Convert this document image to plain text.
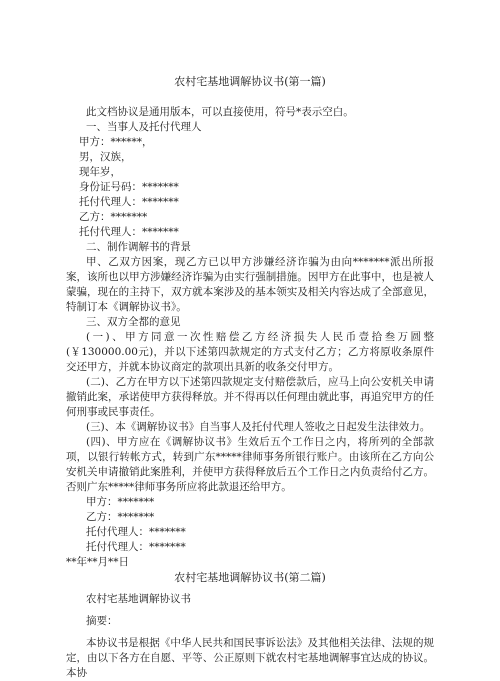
农村宅基地调解协议书(第一篇)

此文档协议是通用版本，可以直接使用，符号*表示空白。

一、当事人及托付代理人

甲方：******，

男，汉族，

现年岁，

身份证号码：*******

托付代理人：*******

乙方：*******

托付代理人：*******

二、制作调解书的背景

甲、乙双方因案，现乙方已以甲方涉嫌经济诈骗为由向*******派出所报案，该所也以甲方涉嫌经济诈骗为由实行强制措施。因甲方在此事中，也是被人蒙骗，现在的主持下，双方就本案涉及的基本领实及相关内容达成了全部意见，特制订本《调解协议书》。

三、双方全都的意见

(一)、甲方同意一次性赔偿乙方经济损失人民币壹拾叁万圆整(￥130000.00元)，并以下述第四款规定的方式支付乙方；乙方将原收条原件交还甲方，并就本协议商定的款项出具新的收条交付甲方。

(二)、乙方在甲方以下述第四款规定支付赔偿款后，应马上向公安机关申请撤销此案，承诺使甲方获得释放。并不得再以任何理由就此事，再追究甲方的任何刑事或民事责任。

(三)、本《调解协议书》自当事人及托付代理人签收之日起发生法律效力。

(四)、甲方应在《调解协议书》生效后五个工作日之内，将所列的全部款项，以银行转帐方式，转到广东*****律师事务所银行账户。由该所在乙方向公安机关申请撤销此案胜利，并使甲方获得释放后五个工作日之内负责给付乙方。否则广东*****律师事务所应将此款退还给甲方。

甲方：*******

乙方：*******

托付代理人：*******

托付代理人：*******

**年**月**日

农村宅基地调解协议书(第二篇)

农村宅基地调解协议书

摘要：

本协议书是根据《中华人民共和国民事诉讼法》及其他相关法律、法规的规定，由以下各方在自愿、平等、公正原则下就农村宅基地调解事宜达成的协议。本协
